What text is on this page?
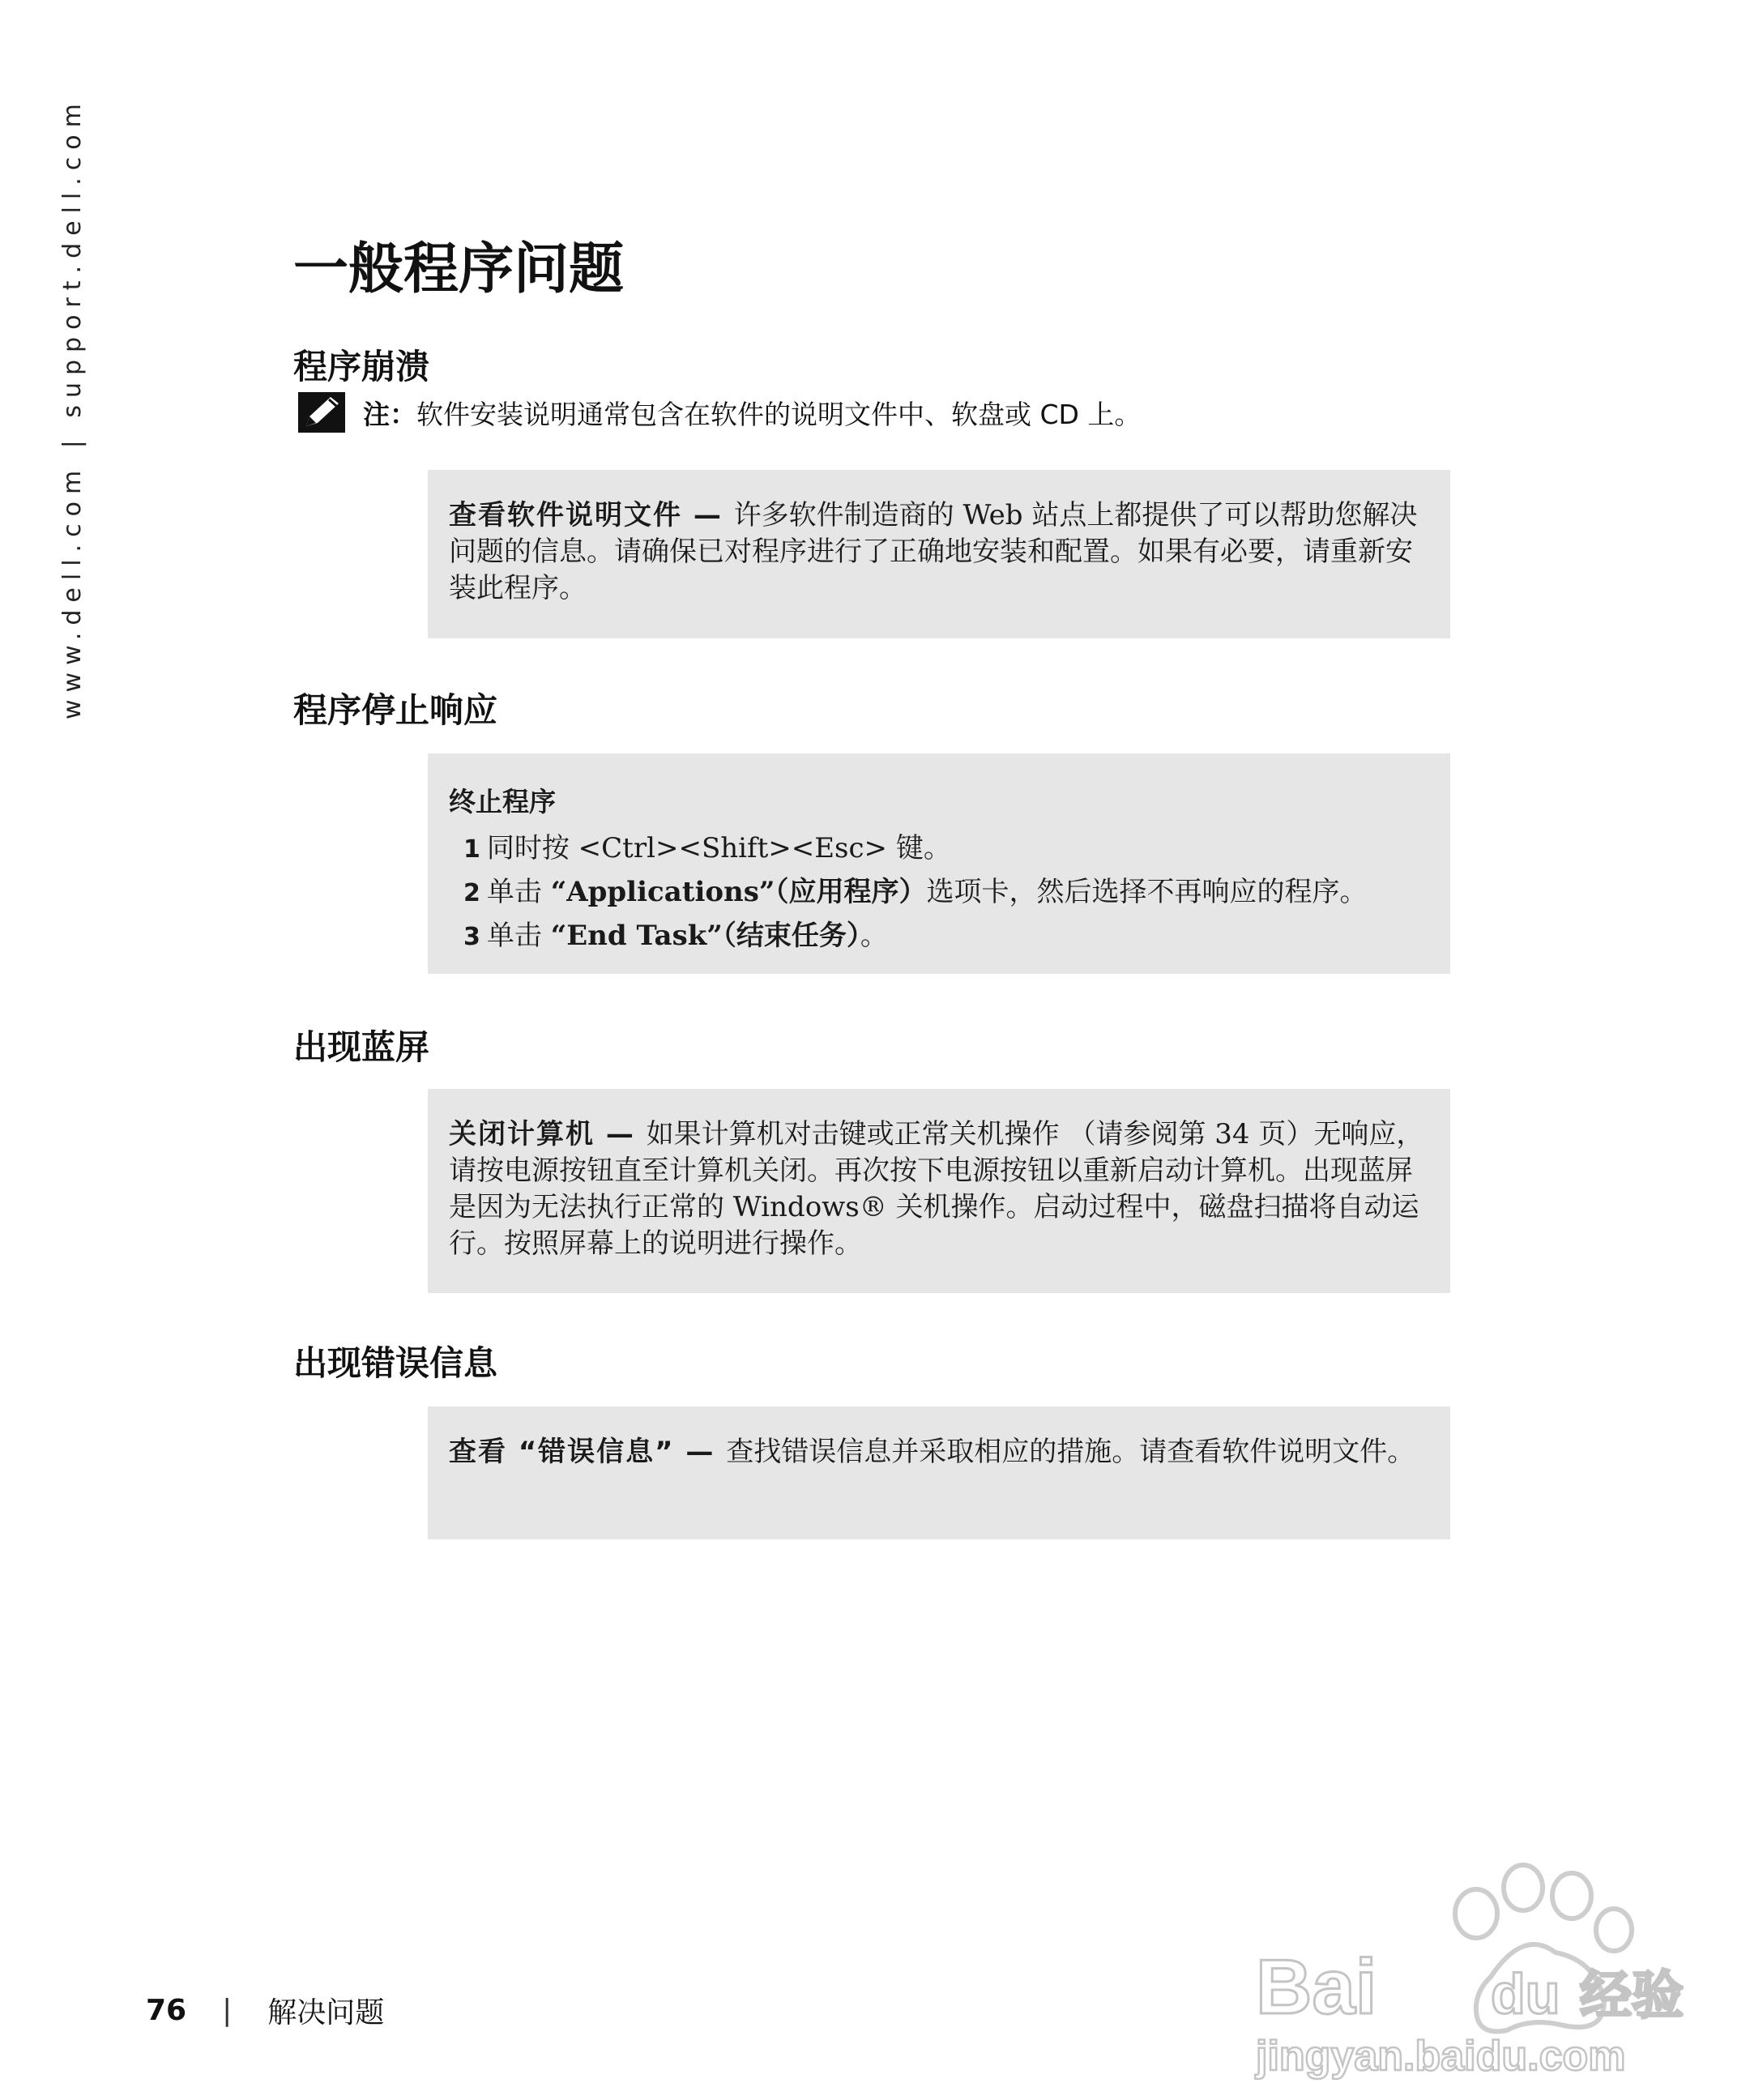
www.dell.com | support.dell.com	一般程序问题
程序崩溃
注： 软件安装说明通常包含在软件的说明文件中、软盘或 CD 上。

查看软件说明文件 — 许多软件制造商的 Web 站点上都提供了可以帮助您解决问题的信息。请确保已对程序进行了正确地安装和配置。如果有必要，请重新安装此程序。

程序停止响应
终止程序
1 同时按 <Ctrl><Shift><Esc> 键。
2 单击 “Applications”（应用程序）选项卡，然后选择不再响应的程序。
3 单击 “End Task”（结束任务）。
出现蓝屏

关闭计算机 — 如果计算机对击键或正常关机操作 （请参阅第 34 页）无响应，请按电源按钮直至计算机关闭。再次按下电源按钮以重新启动计算机。出现蓝屏是因为无法执行正常的 Windows® 关机操作。启动过程中，磁盘扫描将自动运行。按照屏幕上的说明进行操作。

出现错误信息

查看 “错误信息” — 查找错误信息并采取相应的措施。请查看软件说明文件。

76 | 解决问题	Bai du 经验
jingyan.baidu.com
